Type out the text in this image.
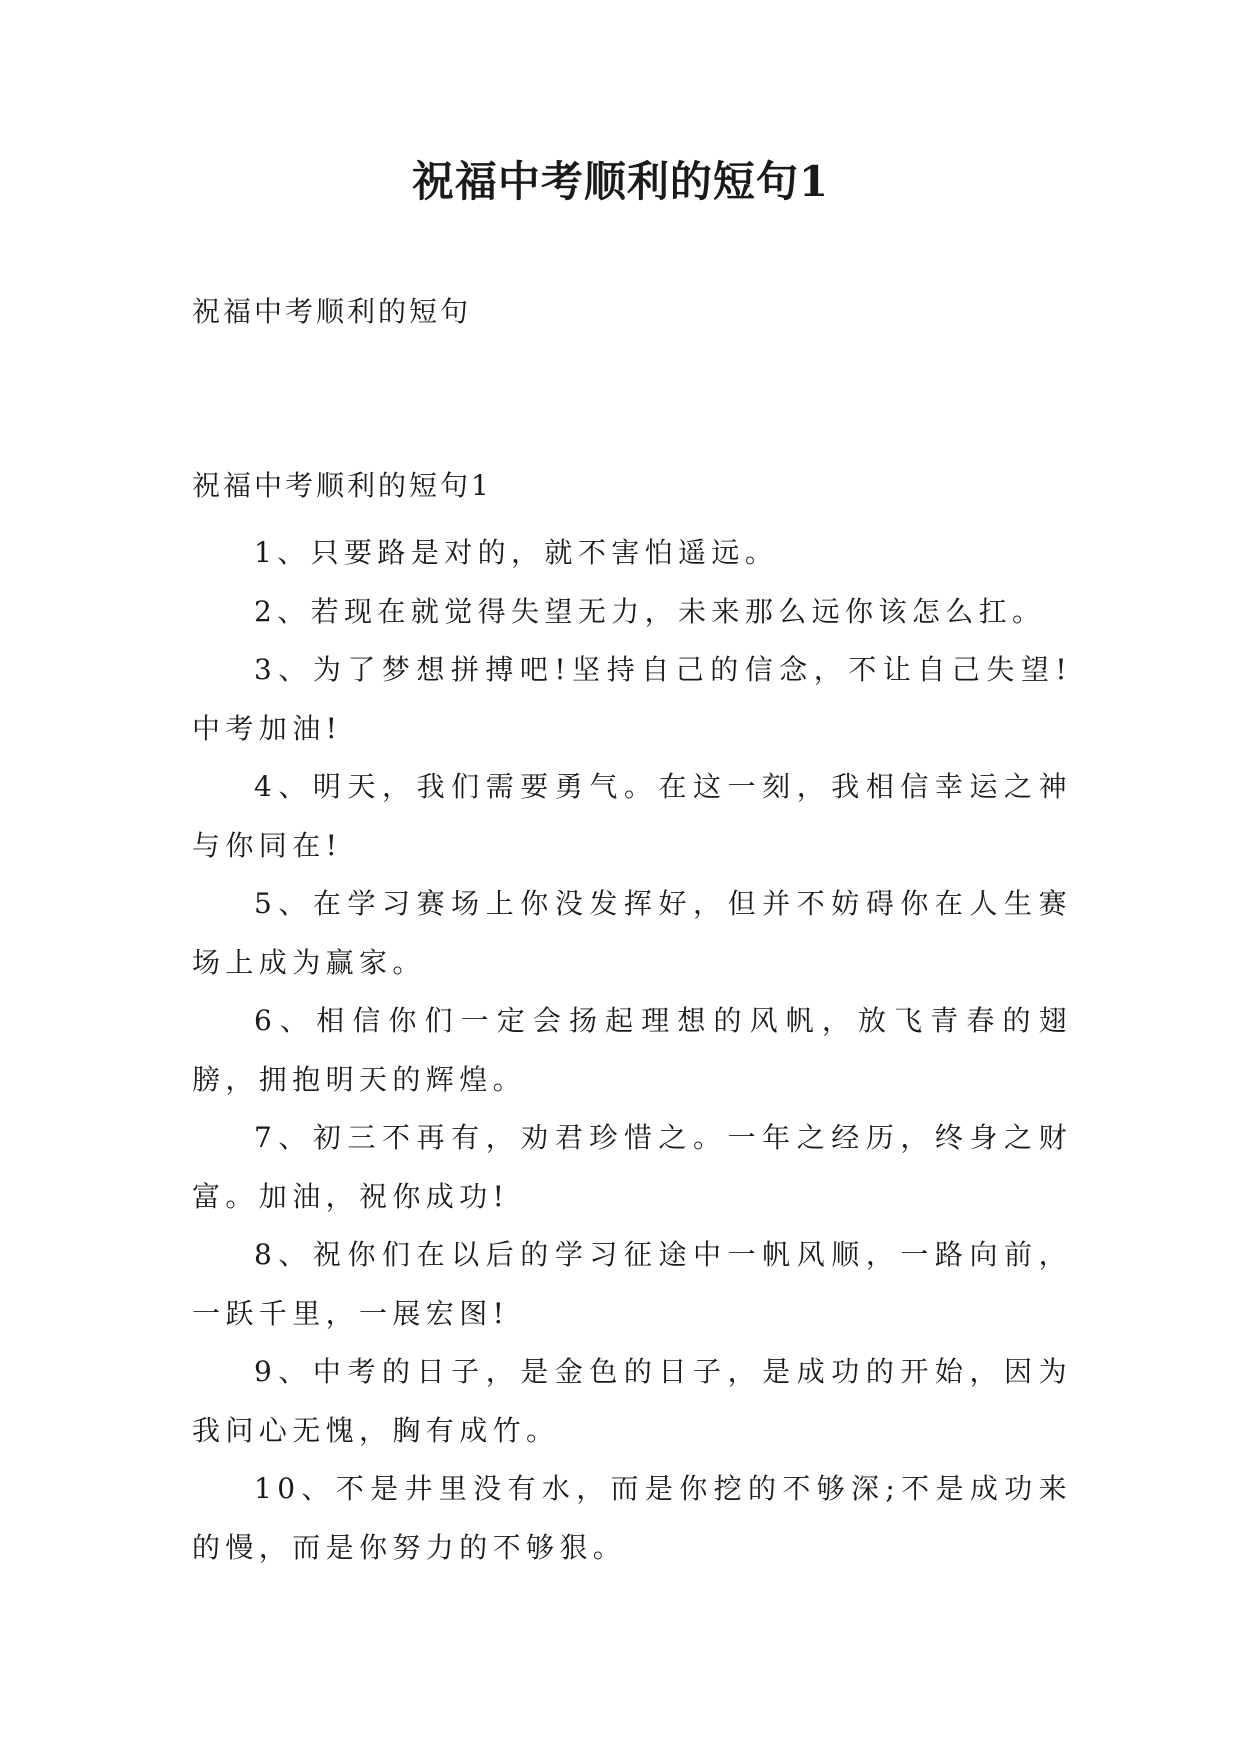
祝福中考顺利的短句1

祝福中考顺利的短句

祝福中考顺利的短句1

1、只要路是对的，就不害怕遥远。

2、若现在就觉得失望无力，未来那么远你该怎么扛。

3、为了梦想拼搏吧!坚持自己的信念，不让自己失望!中考加油!

4、明天，我们需要勇气。在这一刻，我相信幸运之神与你同在!

5、在学习赛场上你没发挥好，但并不妨碍你在人生赛场上成为赢家。

6、相信你们一定会扬起理想的风帆，放飞青春的翅膀，拥抱明天的辉煌。

7、初三不再有，劝君珍惜之。一年之经历，终身之财富。加油，祝你成功!

8、祝你们在以后的学习征途中一帆风顺，一路向前，一跃千里，一展宏图!

9、中考的日子，是金色的日子，是成功的开始，因为我问心无愧，胸有成竹。

10、不是井里没有水，而是你挖的不够深;不是成功来的慢，而是你努力的不够狠。
